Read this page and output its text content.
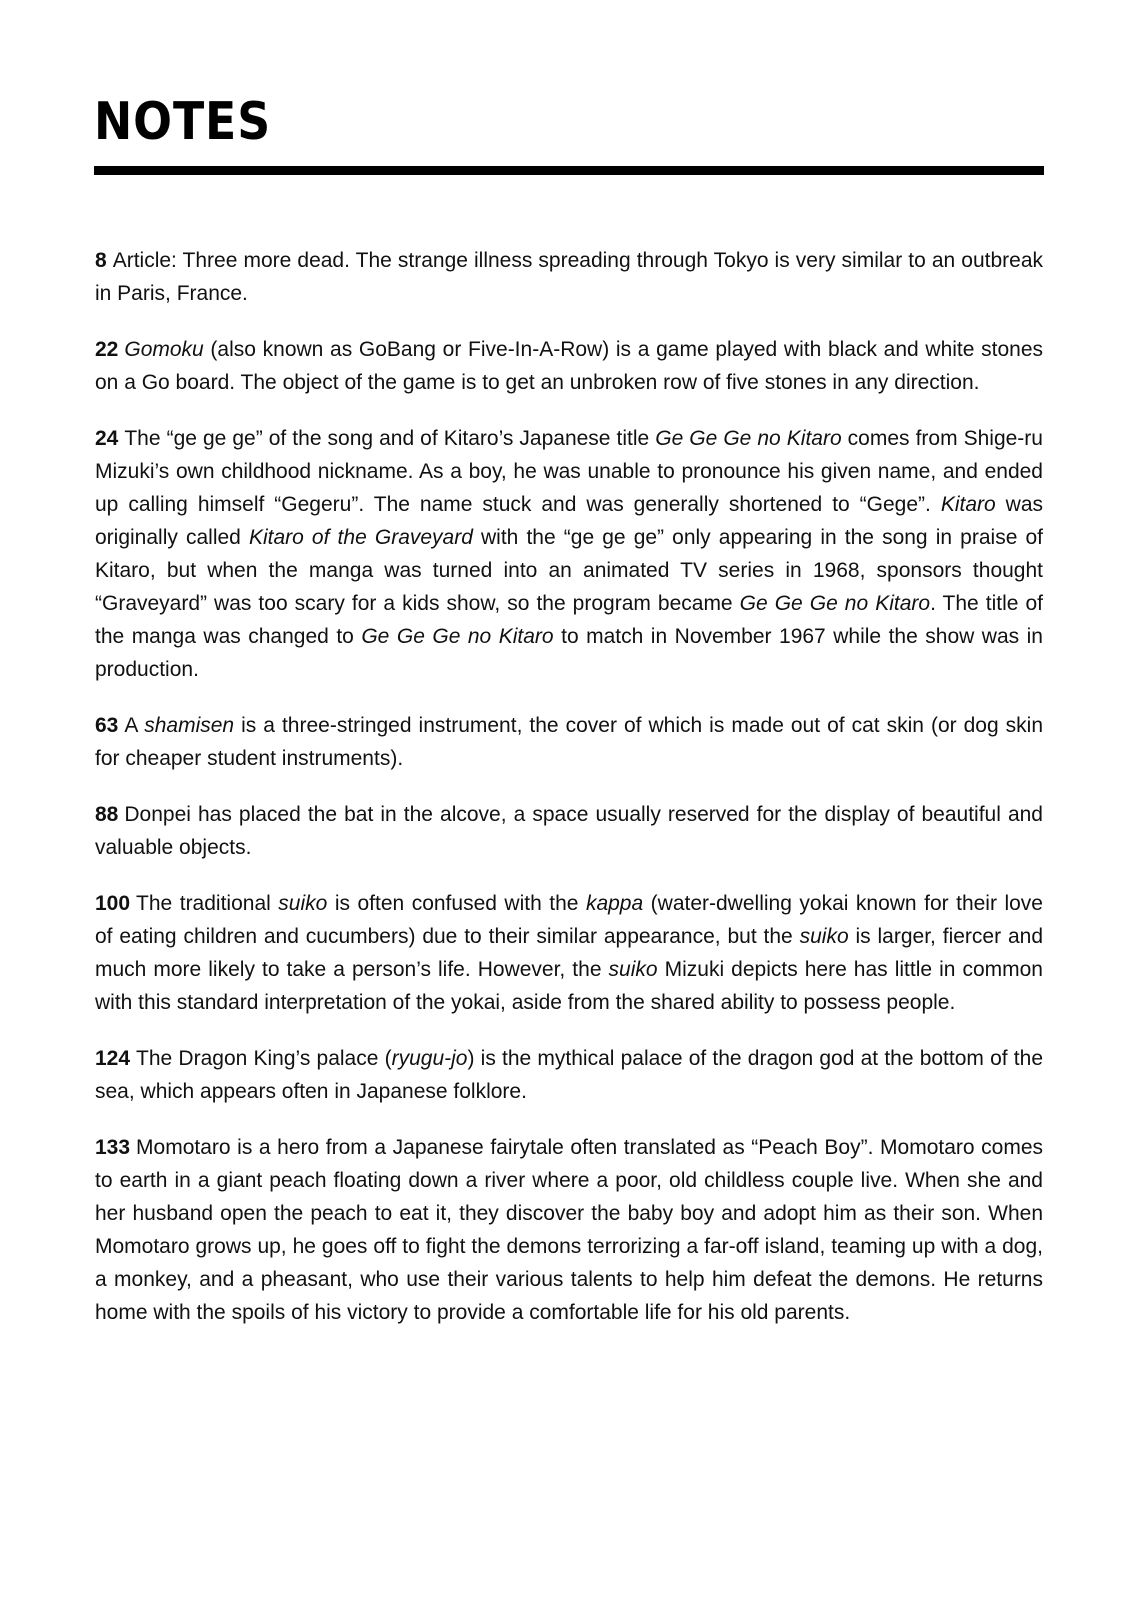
NOTES
8 Article: Three more dead. The strange illness spreading through Tokyo is very similar to an outbreak in Paris, France.
22 Gomoku (also known as GoBang or Five-In-A-Row) is a game played with black and white stones on a Go board. The object of the game is to get an unbroken row of five stones in any direction.
24 The “ge ge ge” of the song and of Kitaro’s Japanese title Ge Ge Ge no Kitaro comes from Shige-ru Mizuki’s own childhood nickname. As a boy, he was unable to pronounce his given name, and ended up calling himself “Gegeru”. The name stuck and was generally shortened to “Gege”. Kitaro was originally called Kitaro of the Graveyard with the “ge ge ge” only appearing in the song in praise of Kitaro, but when the manga was turned into an animated TV series in 1968, sponsors thought “Graveyard” was too scary for a kids show, so the program became Ge Ge Ge no Kitaro. The title of the manga was changed to Ge Ge Ge no Kitaro to match in November 1967 while the show was in production.
63 A shamisen is a three-stringed instrument, the cover of which is made out of cat skin (or dog skin for cheaper student instruments).
88 Donpei has placed the bat in the alcove, a space usually reserved for the display of beautiful and valuable objects.
100 The traditional suiko is often confused with the kappa (water-dwelling yokai known for their love of eating children and cucumbers) due to their similar appearance, but the suiko is larger, fiercer and much more likely to take a person’s life. However, the suiko Mizuki depicts here has little in common with this standard interpretation of the yokai, aside from the shared ability to possess people.
124 The Dragon King’s palace (ryugu-jo) is the mythical palace of the dragon god at the bottom of the sea, which appears often in Japanese folklore.
133 Momotaro is a hero from a Japanese fairytale often translated as “Peach Boy”. Momotaro comes to earth in a giant peach floating down a river where a poor, old childless couple live. When she and her husband open the peach to eat it, they discover the baby boy and adopt him as their son. When Momotaro grows up, he goes off to fight the demons terrorizing a far-off island, teaming up with a dog, a monkey, and a pheasant, who use their various talents to help him defeat the demons. He returns home with the spoils of his victory to provide a comfortable life for his old parents.
